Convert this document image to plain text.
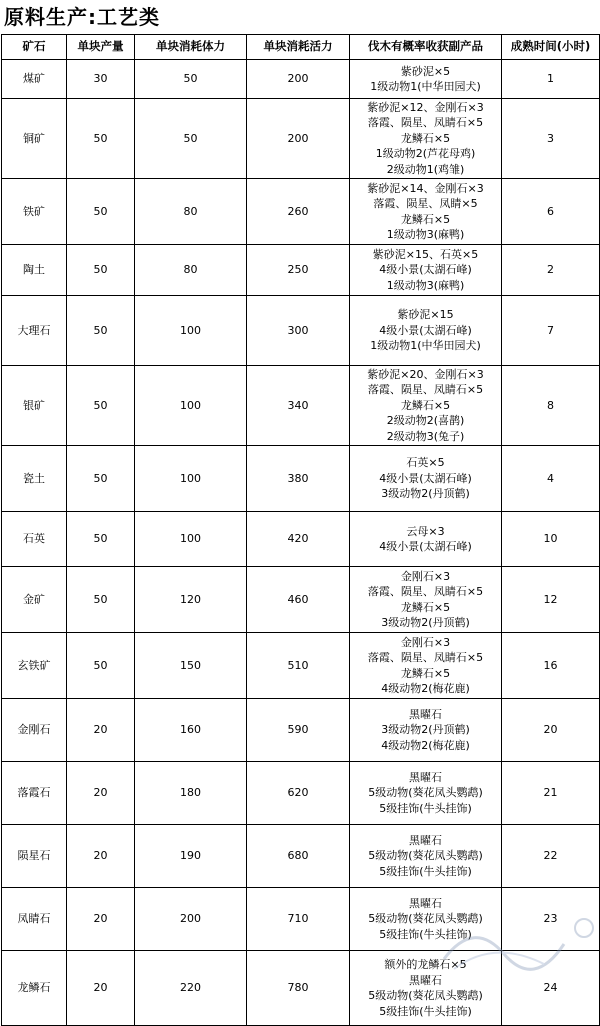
原料生产:工艺类
矿石	单块产量	单块消耗体力	单块消耗活力	伐木有概率收获副产品	成熟时间(小时)
煤矿	30	50	200	紫砂泥×5
1级动物1(中华田园犬)	1
铜矿	50	50	200	紫砂泥×12、金刚石×3
落霞、陨星、凤睛石×5
龙鳞石×5
1级动物2(芦花母鸡)
2级动物1(鸡雏)	3
铁矿	50	80	260	紫砂泥×14、金刚石×3
落霞、陨星、凤睛×5
龙鳞石×5
1级动物3(麻鸭)	6
陶土	50	80	250	紫砂泥×15、石英×5
4级小景(太湖石峰)
1级动物3(麻鸭)	2
大理石	50	100	300	紫砂泥×15
4级小景(太湖石峰)
1级动物1(中华田园犬)	7
银矿	50	100	340	紫砂泥×20、金刚石×3
落霞、陨星、凤睛石×5
龙鳞石×5
2级动物2(喜鹊)
2级动物3(兔子)	8
瓷土	50	100	380	石英×5
4级小景(太湖石峰)
3级动物2(丹顶鹤)	4
石英	50	100	420	云母×3
4级小景(太湖石峰)	10
金矿	50	120	460	金刚石×3
落霞、陨星、凤睛石×5
龙鳞石×5
3级动物2(丹顶鹤)	12
玄铁矿	50	150	510	金刚石×3
落霞、陨星、凤睛石×5
龙鳞石×5
4级动物2(梅花鹿)	16
金刚石	20	160	590	黑曜石
3级动物2(丹顶鹤)
4级动物2(梅花鹿)	20
落霞石	20	180	620	黑曜石
5级动物(葵花凤头鹦鹉)
5级挂饰(牛头挂饰)	21
陨星石	20	190	680	黑曜石
5级动物(葵花凤头鹦鹉)
5级挂饰(牛头挂饰)	22
凤睛石	20	200	710	黑曜石
5级动物(葵花凤头鹦鹉)
5级挂饰(牛头挂饰)	23
龙鳞石	20	220	780	额外的龙鳞石×5
黑曜石
5级动物(葵花凤头鹦鹉)
5级挂饰(牛头挂饰)	24
